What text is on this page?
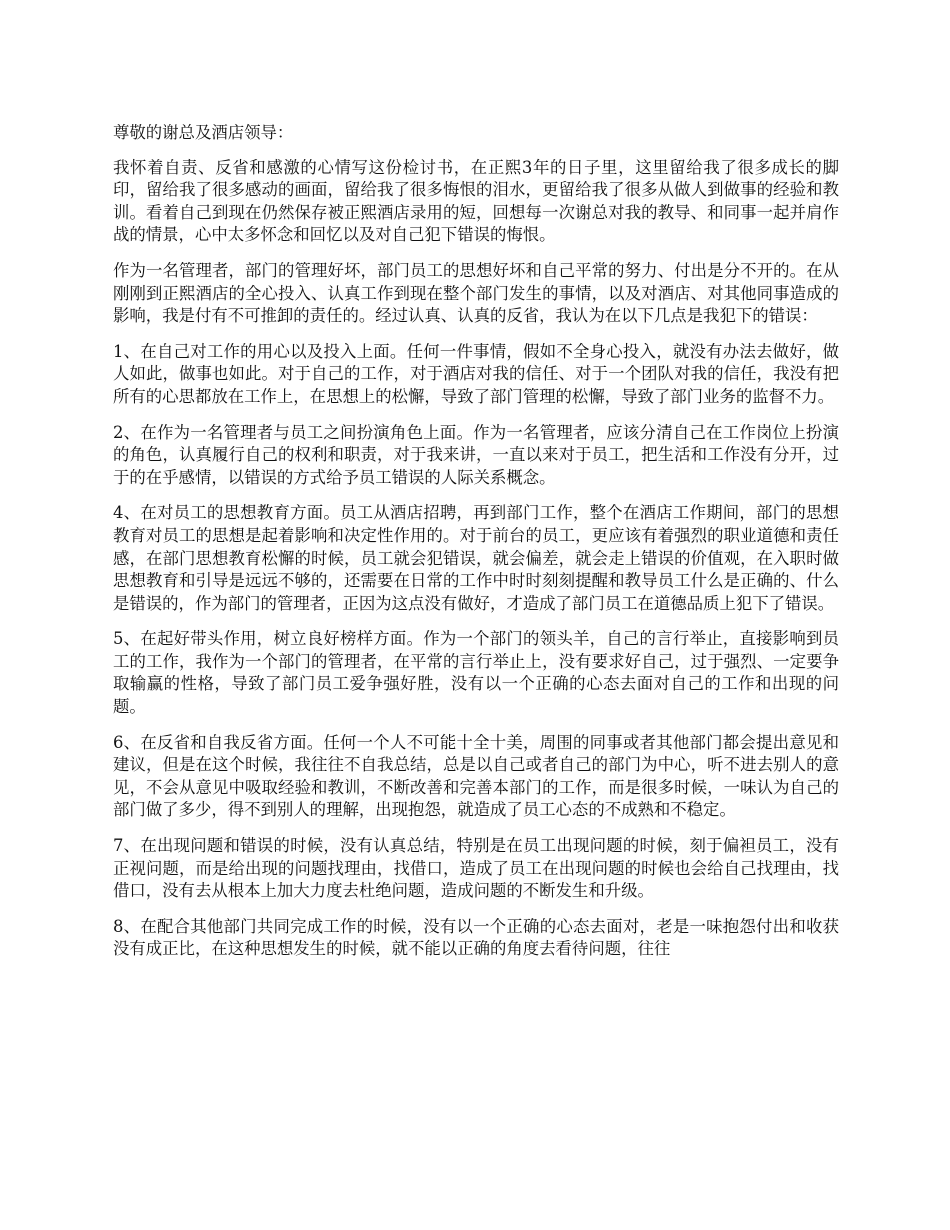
尊敬的谢总及酒店领导：

我怀着自责、反省和感激的心情写这份检讨书，在正熙3年的日子里，这里留给我了很多成长的脚印，留给我了很多感动的画面，留给我了很多悔恨的泪水，更留给我了很多从做人到做事的经验和教训。看着自己到现在仍然保存被正熙酒店录用的短，回想每一次谢总对我的教导、和同事一起并肩作战的情景，心中太多怀念和回忆以及对自己犯下错误的悔恨。

作为一名管理者，部门的管理好坏，部门员工的思想好坏和自己平常的努力、付出是分不开的。在从刚刚到正熙酒店的全心投入、认真工作到现在整个部门发生的事情，以及对酒店、对其他同事造成的影响，我是付有不可推卸的责任的。经过认真、认真的反省，我认为在以下几点是我犯下的错误：

1、在自己对工作的用心以及投入上面。任何一件事情，假如不全身心投入，就没有办法去做好，做人如此，做事也如此。对于自己的工作，对于酒店对我的信任、对于一个团队对我的信任，我没有把所有的心思都放在工作上，在思想上的松懈，导致了部门管理的松懈，导致了部门业务的监督不力。

2、在作为一名管理者与员工之间扮演角色上面。作为一名管理者，应该分清自己在工作岗位上扮演的角色，认真履行自己的权利和职责，对于我来讲，一直以来对于员工，把生活和工作没有分开，过于的在乎感情，以错误的方式给予员工错误的人际关系概念。

4、在对员工的思想教育方面。员工从酒店招聘，再到部门工作，整个在酒店工作期间，部门的思想教育对员工的思想是起着影响和决定性作用的。对于前台的员工，更应该有着强烈的职业道德和责任感，在部门思想教育松懈的时候，员工就会犯错误，就会偏差，就会走上错误的价值观，在入职时做思想教育和引导是远远不够的，还需要在日常的工作中时时刻刻提醒和教导员工什么是正确的、什么是错误的，作为部门的管理者，正因为这点没有做好，才造成了部门员工在道德品质上犯下了错误。

5、在起好带头作用，树立良好榜样方面。作为一个部门的领头羊，自己的言行举止，直接影响到员工的工作，我作为一个部门的管理者，在平常的言行举止上，没有要求好自己，过于强烈、一定要争取输赢的性格，导致了部门员工爱争强好胜，没有以一个正确的心态去面对自己的工作和出现的问题。

6、在反省和自我反省方面。任何一个人不可能十全十美，周围的同事或者其他部门都会提出意见和建议，但是在这个时候，我往往不自我总结，总是以自己或者自己的部门为中心，听不进去别人的意见，不会从意见中吸取经验和教训，不断改善和完善本部门的工作，而是很多时候，一味认为自己的部门做了多少，得不到别人的理解，出现抱怨，就造成了员工心态的不成熟和不稳定。

7、在出现问题和错误的时候，没有认真总结，特别是在员工出现问题的时候，刻于偏袒员工，没有正视问题，而是给出现的问题找理由，找借口，造成了员工在出现问题的时候也会给自己找理由，找借口，没有去从根本上加大力度去杜绝问题，造成问题的不断发生和升级。

8、在配合其他部门共同完成工作的时候，没有以一个正确的心态去面对，老是一味抱怨付出和收获没有成正比，在这种思想发生的时候，就不能以正确的角度去看待问题，往往
